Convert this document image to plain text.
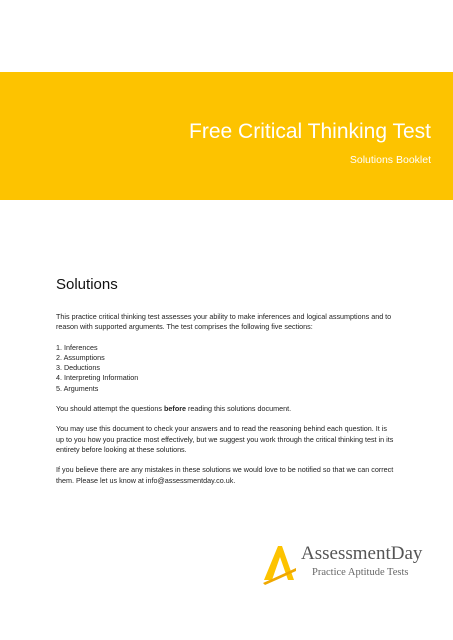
Free Critical Thinking Test

Solutions Booklet

Solutions

This practice critical thinking test assesses your ability to make inferences and logical assumptions and to reason with supported arguments. The test comprises the following five sections:

1. Inferences
2. Assumptions
3. Deductions
4. Interpreting Information
5. Arguments

You should attempt the questions before reading this solutions document.

You may use this document to check your answers and to read the reasoning behind each question. It is up to you how you practice most effectively, but we suggest you work through the critical thinking test in its entirety before looking at these solutions.

If you believe there are any mistakes in these solutions we would love to be notified so that we can correct them. Please let us know at info@assessmentday.co.uk.

AssessmentDay
Practice Aptitude Tests
